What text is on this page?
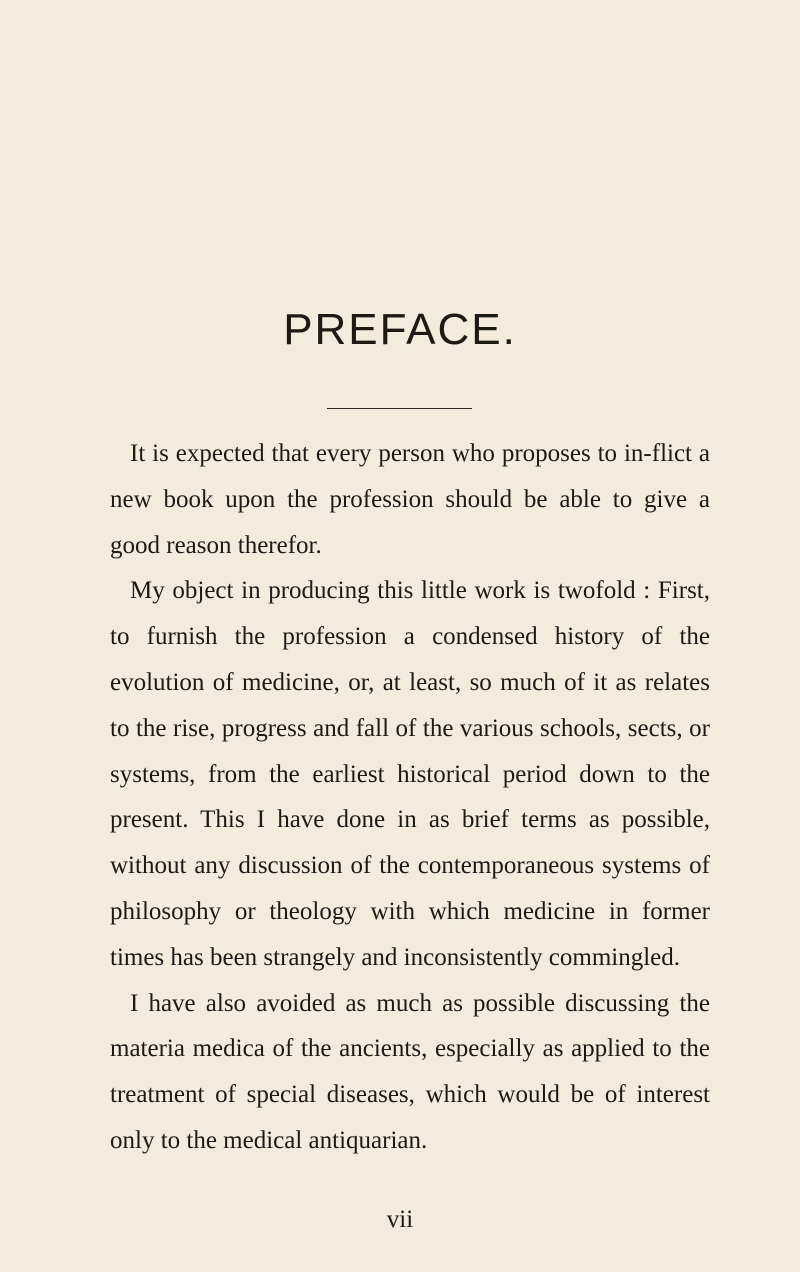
PREFACE.

It is expected that every person who proposes to in-flict a new book upon the profession should be able to give a good reason therefor.

My object in producing this little work is twofold : First, to furnish the profession a condensed history of the evolution of medicine, or, at least, so much of it as relates to the rise, progress and fall of the various schools, sects, or systems, from the earliest historical period down to the present. This I have done in as brief terms as possible, without any discussion of the contemporaneous systems of philosophy or theology with which medicine in former times has been strangely and inconsistently commingled.

I have also avoided as much as possible discussing the materia medica of the ancients, especially as applied to the treatment of special diseases, which would be of interest only to the medical antiquarian.

vii
